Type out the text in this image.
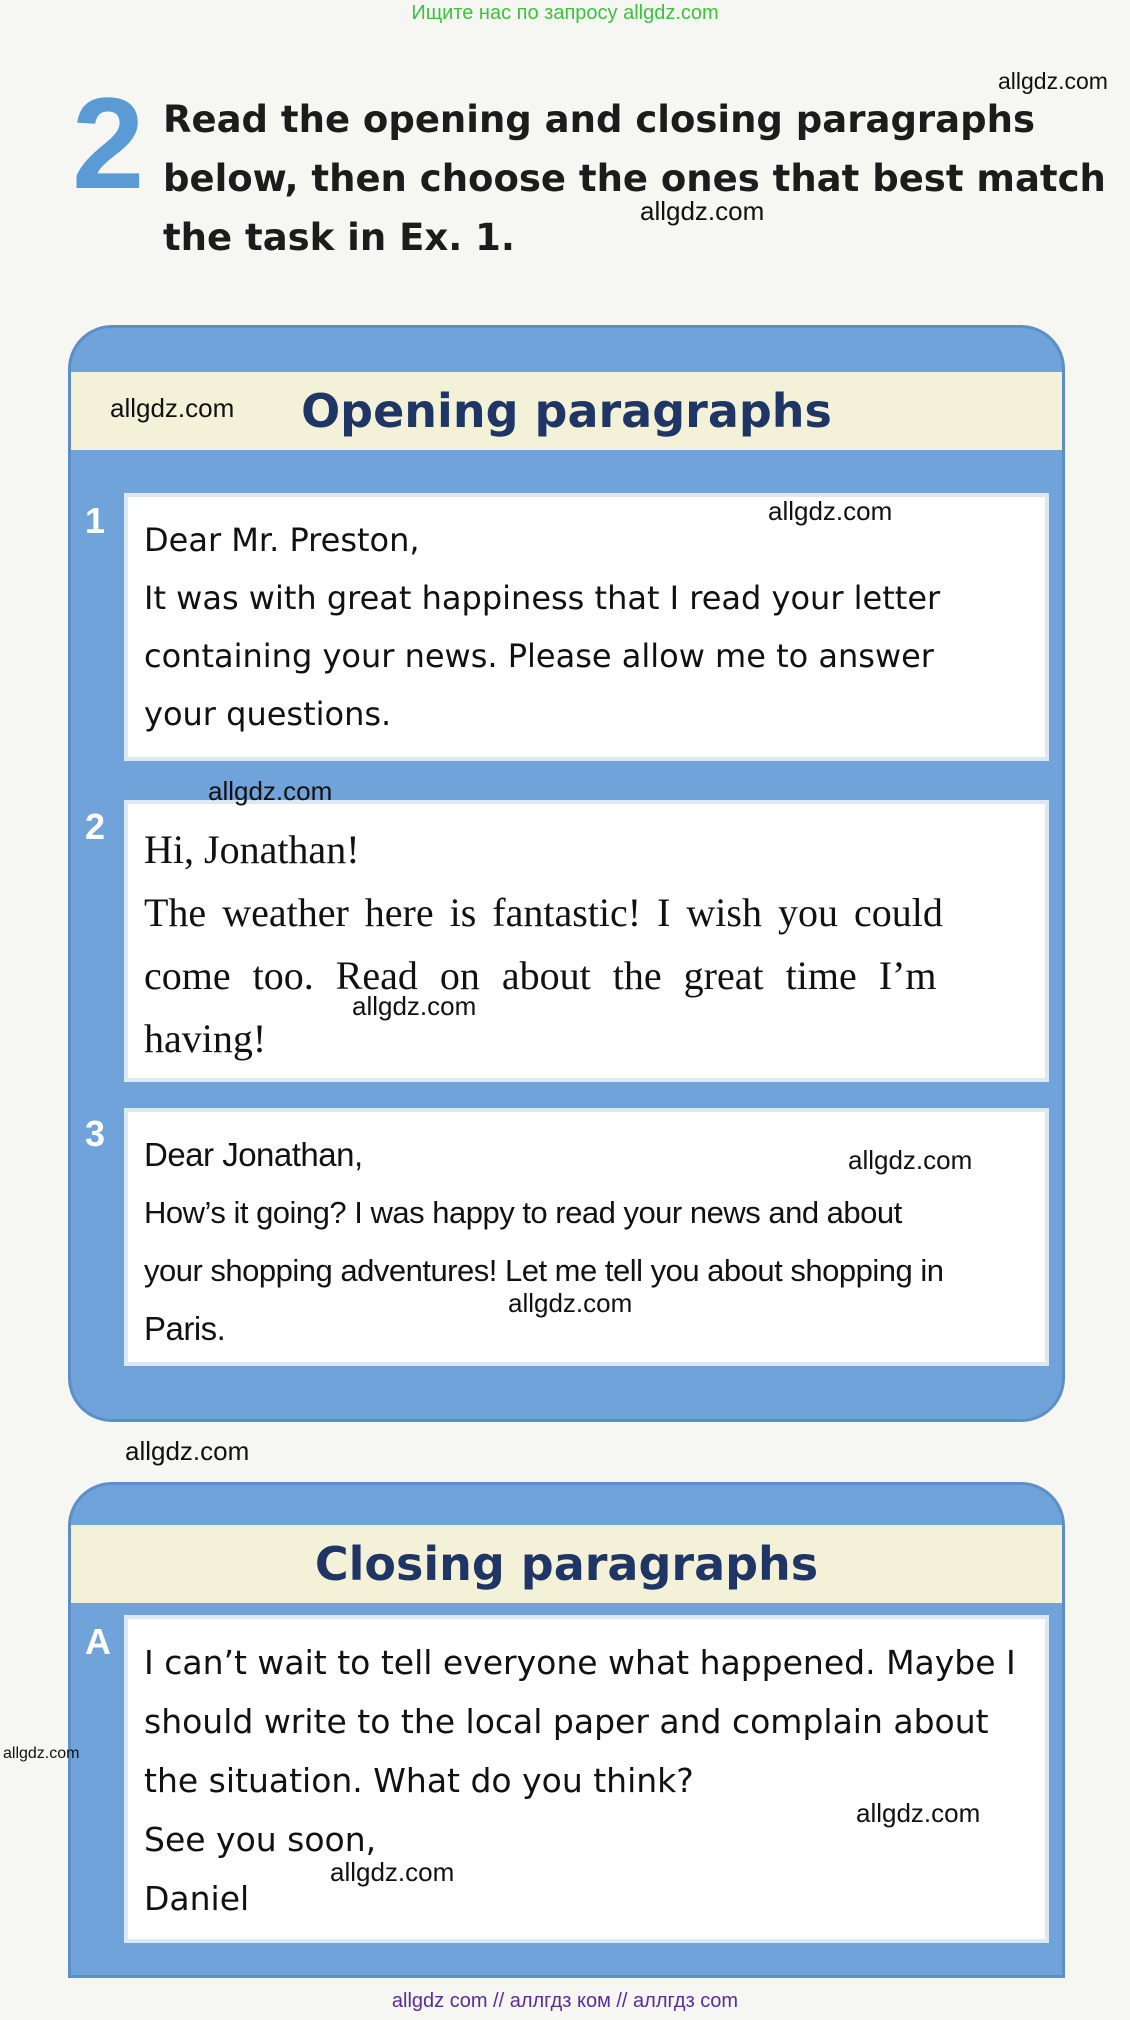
Ищите нас по запросу allgdz.com
2 Read the opening and closing paragraphs
below, then choose the ones that best match
the task in Ex. 1.
Opening paragraphs
1 Dear Mr. Preston,
It was with great happiness that I read your letter
containing your news. Please allow me to answer
your questions.
2
Hi, Jonathan!
The weather here is fantastic! I wish you could
come too. Read on about the great time I’m
having!
3
Dear Jonathan,
How’s it going? I was happy to read your news and about
your shopping adventures! Let me tell you about shopping in
Paris.
Closing paragraphs
A
I can’t wait to tell everyone what happened. Maybe I
should write to the local paper and complain about
the situation. What do you think?
See you soon,
Daniel
allgdz.com
allgdz.com
allgdz.com
allgdz.com
allgdz.com
allgdz.com
allgdz.com
allgdz.com
allgdz.com
allgdz.com
allgdz.com
allgdz.com
allgdz com // аллгдз ком // аллгдз com
